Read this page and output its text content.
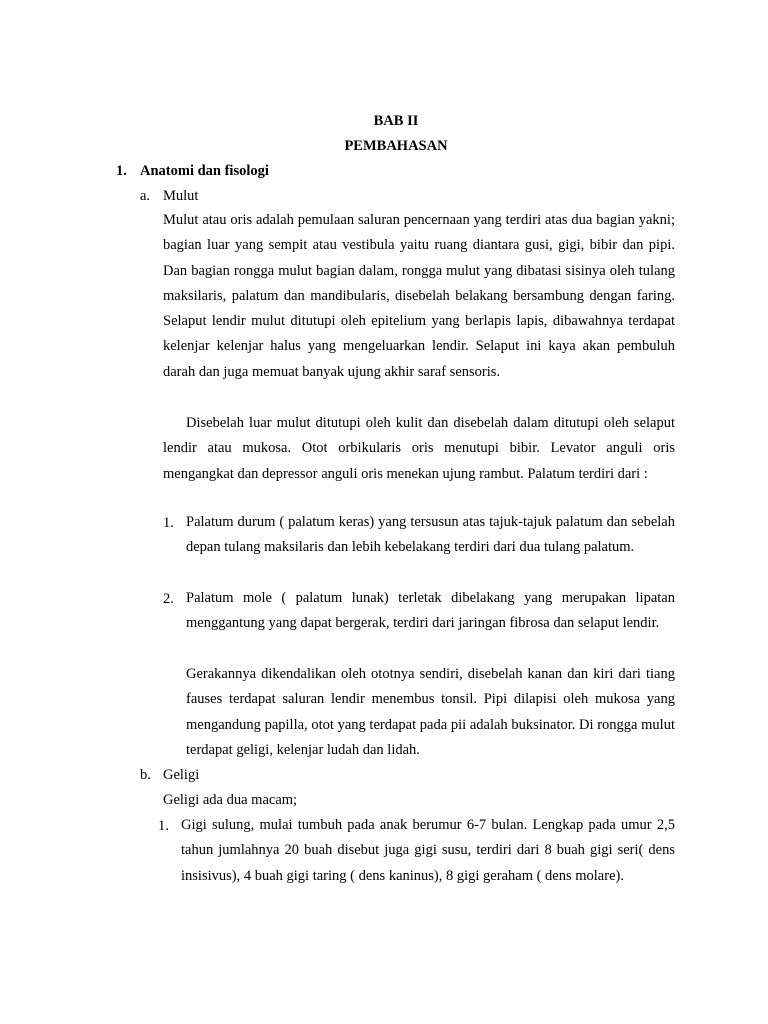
BAB II
PEMBAHASAN
1. Anatomi dan fisologi
a. Mulut

Mulut atau oris adalah pemulaan saluran pencernaan yang terdiri atas dua bagian yakni; bagian luar yang sempit atau vestibula yaitu ruang diantara gusi, gigi, bibir dan pipi. Dan bagian rongga mulut bagian dalam, rongga mulut yang dibatasi sisinya oleh tulang maksilaris, palatum dan mandibularis, disebelah belakang bersambung dengan faring. Selaput lendir mulut ditutupi oleh epitelium yang berlapis lapis, dibawahnya terdapat kelenjar kelenjar halus yang mengeluarkan lendir. Selaput ini kaya akan pembuluh darah dan juga memuat banyak ujung akhir saraf sensoris.

Disebelah luar mulut ditutupi oleh kulit dan disebelah dalam ditutupi oleh selaput lendir atau mukosa. Otot orbikularis oris menutupi bibir. Levator anguli oris mengangkat dan depressor anguli oris menekan ujung rambut. Palatum terdiri dari :

1. Palatum durum ( palatum keras) yang tersusun atas tajuk-tajuk palatum dan sebelah depan tulang maksilaris dan lebih kebelakang terdiri dari dua tulang palatum.

2. Palatum mole ( palatum lunak) terletak dibelakang yang merupakan lipatan menggantung yang dapat bergerak, terdiri dari jaringan fibrosa dan selaput lendir.

Gerakannya dikendalikan oleh ototnya sendiri, disebelah kanan dan kiri dari tiang fauses terdapat saluran lendir menembus tonsil. Pipi dilapisi oleh mukosa yang mengandung papilla, otot yang terdapat pada pii adalah buksinator. Di rongga mulut terdapat geligi, kelenjar ludah dan lidah.

b. Geligi
Geligi ada dua macam;
1. Gigi sulung, mulai tumbuh pada anak berumur 6-7 bulan. Lengkap pada umur 2,5 tahun jumlahnya 20 buah disebut juga gigi susu, terdiri dari 8 buah gigi seri( dens insisivus), 4 buah gigi taring ( dens kaninus), 8 gigi geraham ( dens molare).
